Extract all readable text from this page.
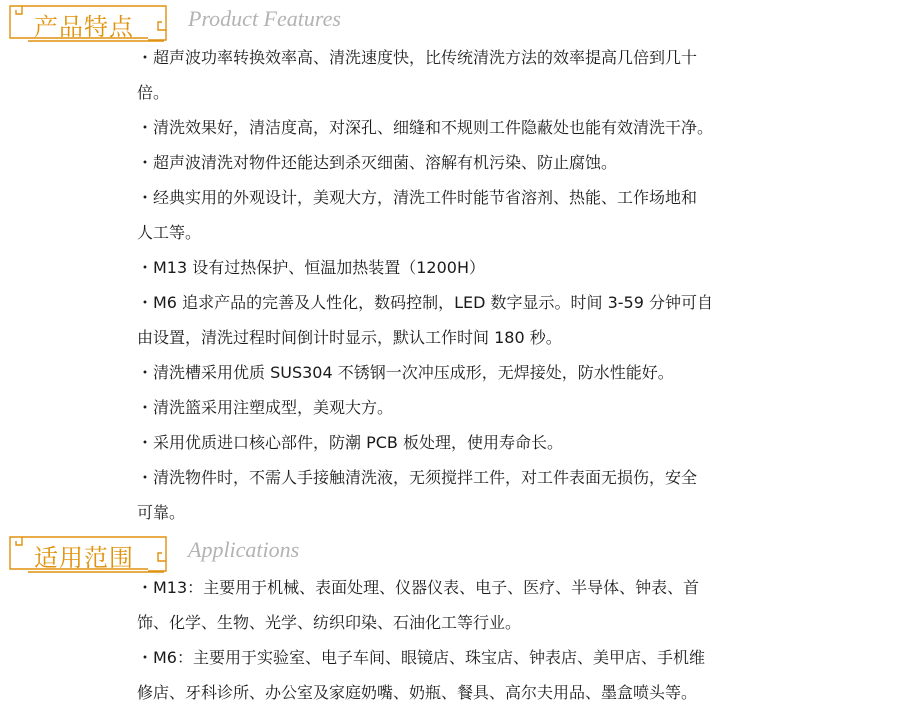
产品特点 Product Features
・超声波功率转换效率高、清洗速度快，比传统清洗方法的效率提高几倍到几十
倍。
・清洗效果好，清洁度高，对深孔、细缝和不规则工件隐蔽处也能有效清洗干净。
・超声波清洗对物件还能达到杀灭细菌、溶解有机污染、防止腐蚀。
・经典实用的外观设计，美观大方，清洗工件时能节省溶剂、热能、工作场地和
人工等。
・M13 设有过热保护、恒温加热装置（1200H）
・M6 追求产品的完善及人性化，数码控制，LED 数字显示。时间 3-59 分钟可自
由设置，清洗过程时间倒计时显示，默认工作时间 180 秒。
・清洗槽采用优质 SUS304 不锈钢一次冲压成形，无焊接处，防水性能好。
・清洗篮采用注塑成型，美观大方。
・采用优质进口核心部件，防潮 PCB 板处理，使用寿命长。
・清洗物件时，不需人手接触清洗液，无须搅拌工件，对工件表面无损伤，安全
可靠。
适用范围 Applications
・M13：主要用于机械、表面处理、仪器仪表、电子、医疗、半导体、钟表、首
饰、化学、生物、光学、纺织印染、石油化工等行业。
・M6：主要用于实验室、电子车间、眼镜店、珠宝店、钟表店、美甲店、手机维
修店、牙科诊所、办公室及家庭奶嘴、奶瓶、餐具、高尔夫用品、墨盒喷头等。
